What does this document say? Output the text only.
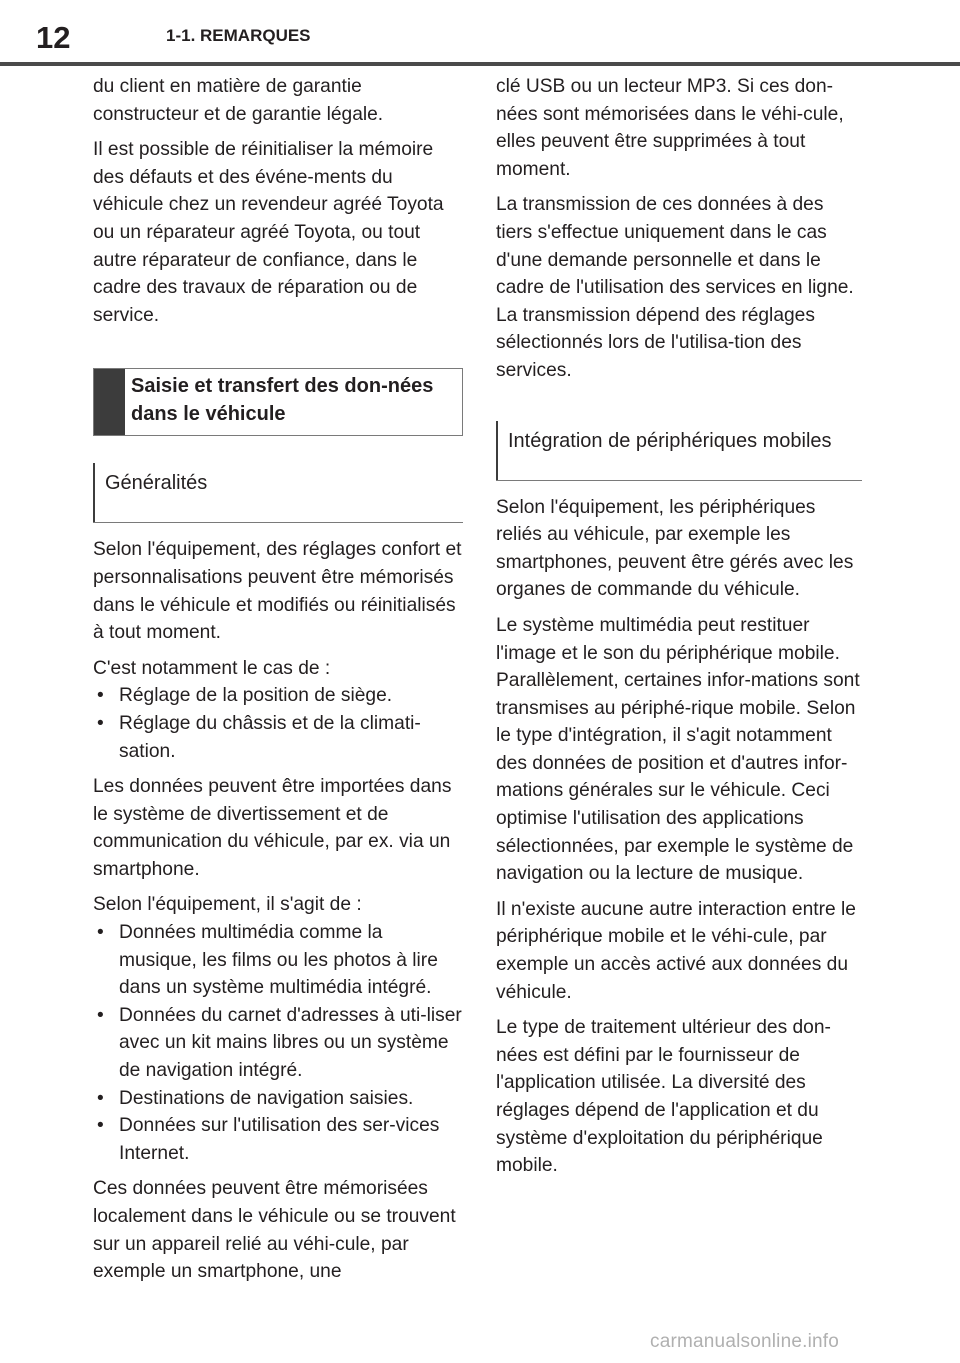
12	1-1. REMARQUES

du client en matière de garantie constructeur et de garantie légale.

Il est possible de réinitialiser la mémoire des défauts et des événe-ments du véhicule chez un revendeur agréé Toyota ou un réparateur agréé Toyota, ou tout autre réparateur de confiance, dans le cadre des travaux de réparation ou de service.

Saisie et transfert des don-nées dans le véhicule
Généralités

Selon l'équipement, des réglages confort et personnalisations peuvent être mémorisés dans le véhicule et modifiés ou réinitialisés à tout moment.

C'est notamment le cas de :

• Réglage de la position de siège.
• Réglage du châssis et de la climati-sation.

Les données peuvent être importées dans le système de divertissement et de communication du véhicule, par ex. via un smartphone.

Selon l'équipement, il s'agit de :

• Données multimédia comme la musique, les films ou les photos à lire dans un système multimédia intégré.
• Données du carnet d'adresses à uti-liser avec un kit mains libres ou un système de navigation intégré.
• Destinations de navigation saisies.
• Données sur l'utilisation des ser-vices Internet.

Ces données peuvent être mémorisées localement dans le véhicule ou se trouvent sur un appareil relié au véhi-cule, par exemple un smartphone, une

clé USB ou un lecteur MP3. Si ces don-nées sont mémorisées dans le véhi-cule, elles peuvent être supprimées à tout moment.

La transmission de ces données à des tiers s'effectue uniquement dans le cas d'une demande personnelle et dans le cadre de l'utilisation des services en ligne. La transmission dépend des réglages sélectionnés lors de l'utilisa-tion des services.

Intégration de périphériques mobiles

Selon l'équipement, les périphériques reliés au véhicule, par exemple les smartphones, peuvent être gérés avec les organes de commande du véhicule.

Le système multimédia peut restituer l'image et le son du périphérique mobile. Parallèlement, certaines infor-mations sont transmises au périphé-rique mobile. Selon le type d'intégration, il s'agit notamment des données de position et d'autres infor-mations générales sur le véhicule. Ceci optimise l'utilisation des applications sélectionnées, par exemple le système de navigation ou la lecture de musique.

Il n'existe aucune autre interaction entre le périphérique mobile et le véhi-cule, par exemple un accès activé aux données du véhicule.

Le type de traitement ultérieur des don-nées est défini par le fournisseur de l'application utilisée. La diversité des réglages dépend de l'application et du système d'exploitation du périphérique mobile.

carmanualsonline.info
